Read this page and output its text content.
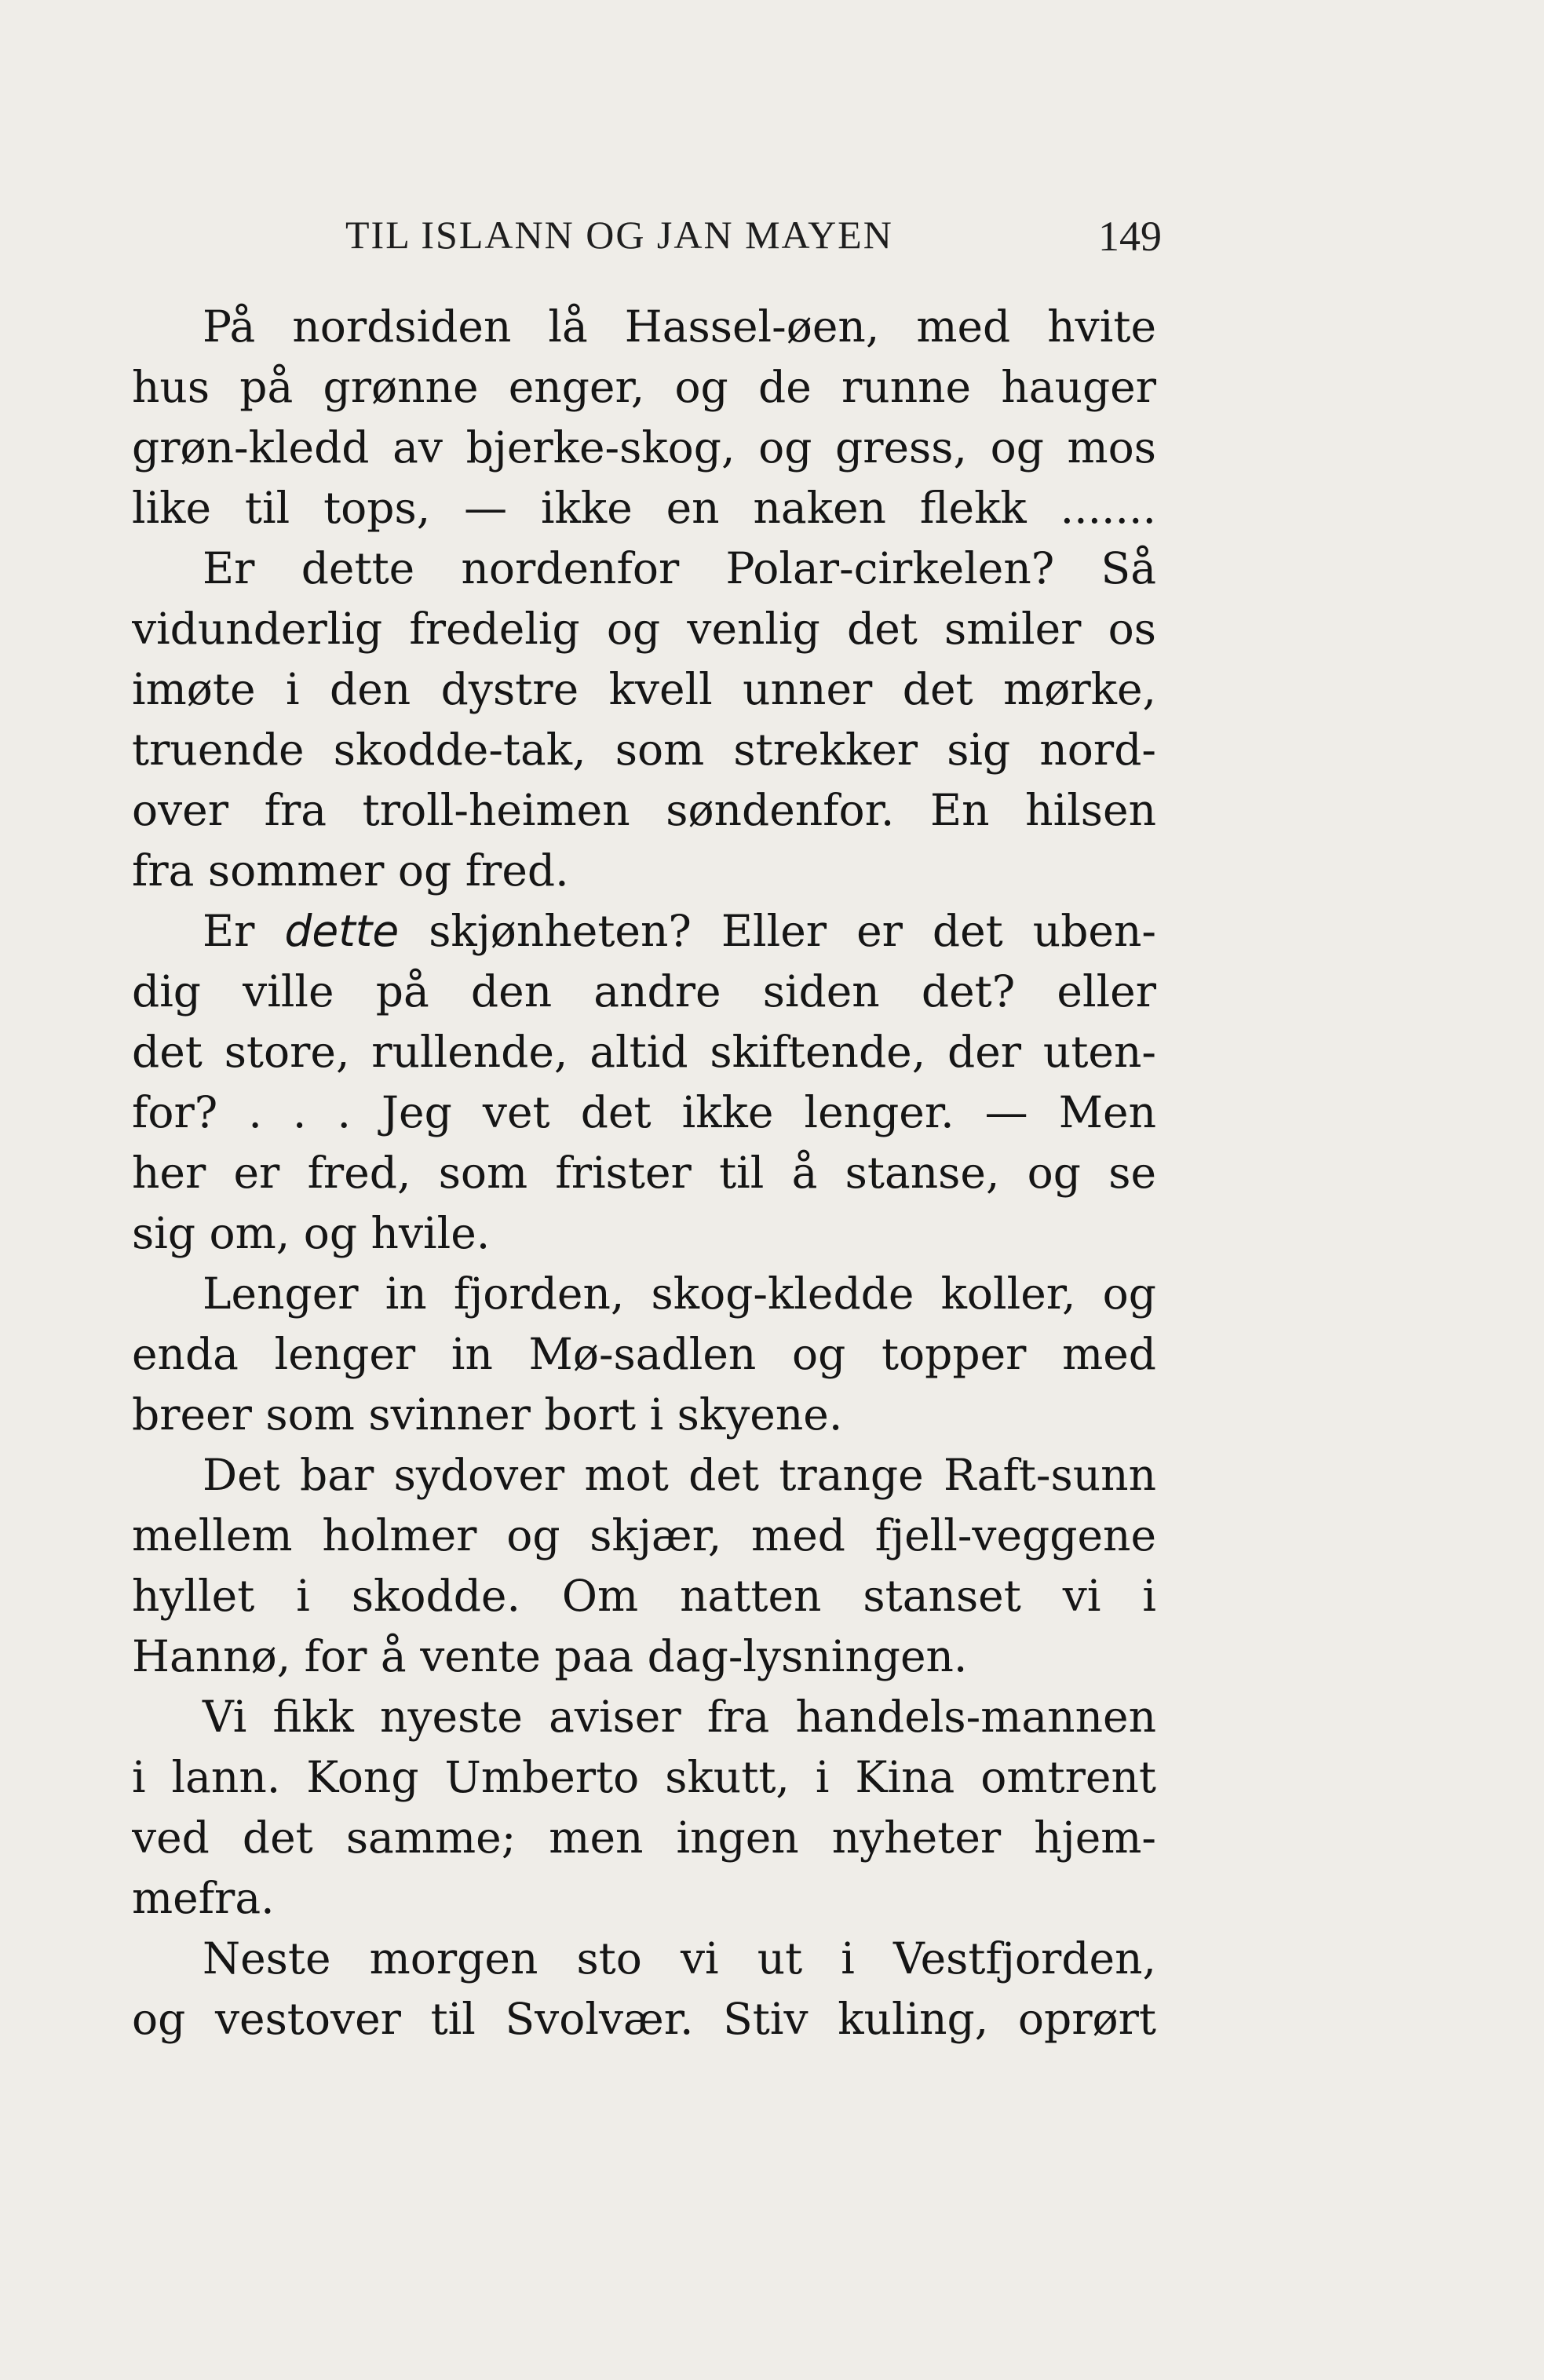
TIL ISLANN OG JAN MAYEN	149
På nordsiden lå Hassel-øen, med hvite
hus på grønne enger, og de runne hauger
grøn-kledd av bjerke-skog, og gress, og mos
like til tops, — ikke en naken flekk .......
Er dette nordenfor Polar-cirkelen? Så
vidunderlig fredelig og venlig det smiler os
imøte i den dystre kvell unner det mørke,
truende skodde-tak, som strekker sig nord-
over fra troll-heimen søndenfor. En hilsen
fra sommer og fred.
Er dette skjønheten? Eller er det uben-
dig ville på den andre siden det? eller
det store, rullende, altid skiftende, der uten-
for? . . . Jeg vet det ikke lenger. — Men
her er fred, som frister til å stanse, og se
sig om, og hvile.
Lenger in fjorden, skog-kledde koller, og
enda lenger in Mø-sadlen og topper med
breer som svinner bort i skyene.
Det bar sydover mot det trange Raft-sunn
mellem holmer og skjær, med fjell-veggene
hyllet i skodde. Om natten stanset vi i
Hannø, for å vente paa dag-lysningen.
Vi fikk nyeste aviser fra handels-mannen
i lann. Kong Umberto skutt, i Kina omtrent
ved det samme; men ingen nyheter hjem-
mefra.
Neste morgen sto vi ut i Vestfjorden,
og vestover til Svolvær. Stiv kuling, oprørt
